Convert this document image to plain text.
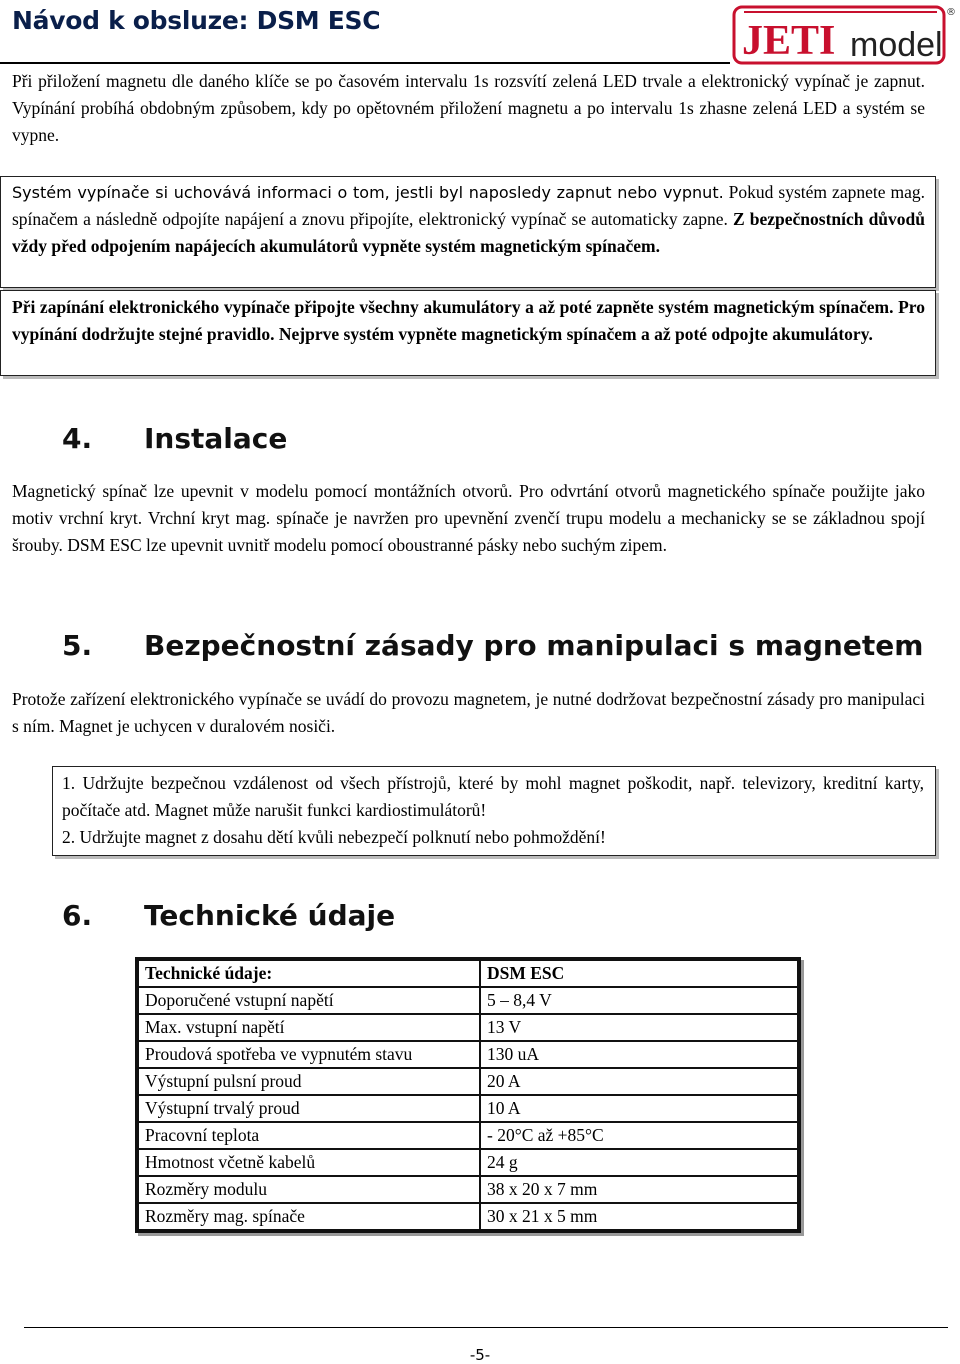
Návod k obsluze: DSM ESC	JETI model
®

Při přiložení magnetu dle daného klíče se po časovém intervalu 1s rozsvítí zelená LED trvale a elektronický vypínač je zapnut. Vypínání probíhá obdobným způsobem, kdy po opětovném přiložení magnetu a po intervalu 1s zhasne zelená LED a systém se vypne.

Systém vypínače si uchovává informaci o tom, jestli byl naposledy zapnut nebo vypnut. Pokud systém zapnete mag. spínačem a následně odpojíte napájení a znovu připojíte, elektronický vypínač se automaticky zapne. Z bezpečnostních důvodů vždy před odpojením napájecích akumulátorů vypněte systém magnetickým spínačem.

Při zapínání elektronického vypínače připojte všechny akumulátory a až poté zapněte systém magnetickým spínačem. Pro vypínání dodržujte stejné pravidlo. Nejprve systém vypněte magnetickým spínačem a až poté odpojte akumulátory.

4. Instalace

Magnetický spínač lze upevnit v modelu pomocí montážních otvorů. Pro odvrtání otvorů magnetického spínače použijte jako motiv vrchní kryt. Vrchní kryt mag. spínače je navržen pro upevnění zvenčí trupu modelu a mechanicky se se základnou spojí šrouby. DSM ESC lze upevnit uvnitř modelu pomocí oboustranné pásky nebo suchým zipem.

5. Bezpečnostní zásady pro manipulaci s magnetem

Protože zařízení elektronického vypínače se uvádí do provozu magnetem, je nutné dodržovat bezpečnostní zásady pro manipulaci s ním. Magnet je uchycen v duralovém nosiči.

1. Udržujte bezpečnou vzdálenost od všech přístrojů, které by mohl magnet poškodit, např. televizory, kreditní karty, počítače atd. Magnet může narušit funkci kardiostimulátorů!

2. Udržujte magnet z dosahu dětí kvůli nebezpečí polknutí nebo pohmoždění!

6. Technické údaje
Technické údaje:	DSM ESC
Doporučené vstupní napětí	5 – 8,4 V
Max. vstupní napětí	13 V
Proudová spotřeba ve vypnutém stavu	130 uA
Výstupní pulsní proud	20 A
Výstupní trvalý proud	10 A
Pracovní teplota	- 20°C až +85°C
Hmotnost včetně kabelů	24 g
Rozměry modulu	38 x 20 x 7 mm
Rozměry mag. spínače	30 x 21 x 5 mm
-5-
